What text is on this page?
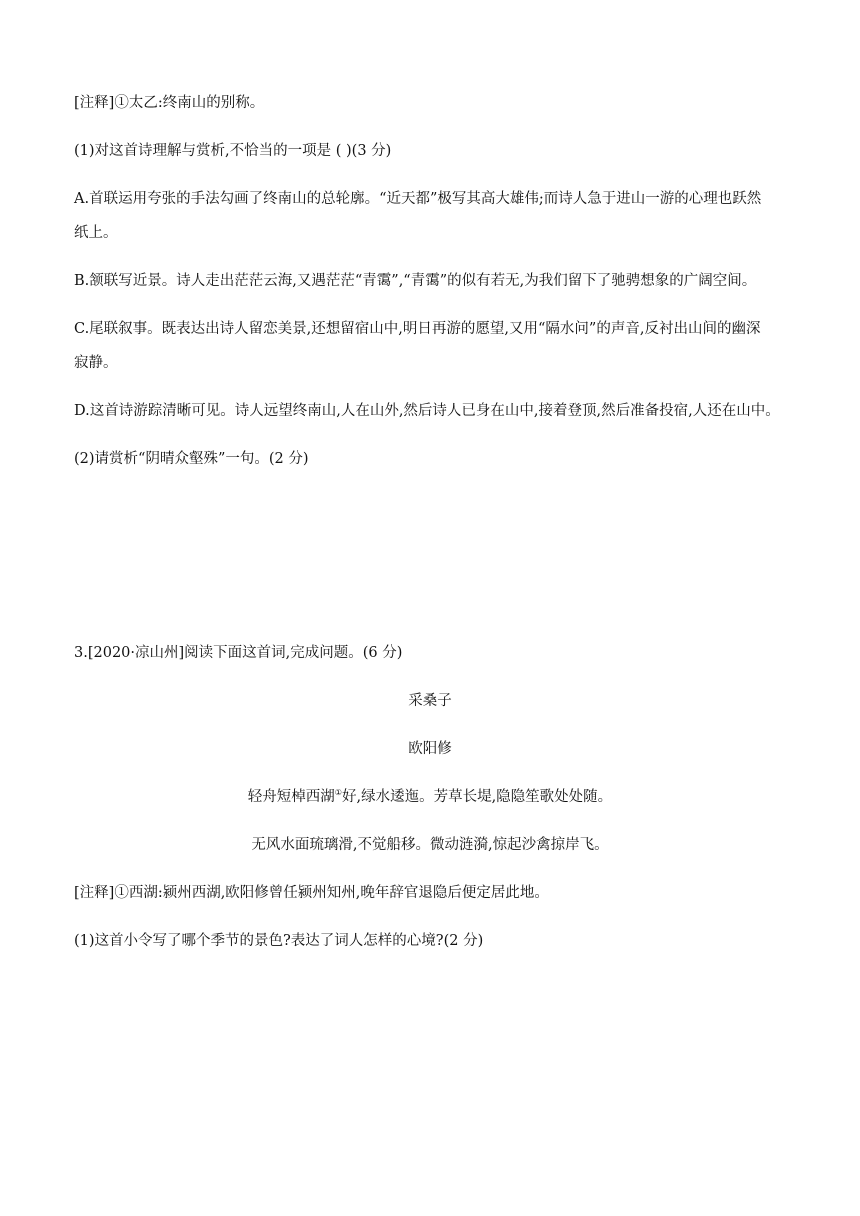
[注释]①太乙:终南山的别称。
(1)对这首诗理解与赏析,不恰当的一项是 ( )(3 分)
A.首联运用夸张的手法勾画了终南山的总轮廓。“近天都”极写其高大雄伟;而诗人急于进山一游的心理也跃然
纸上。
B.颔联写近景。诗人走出茫茫云海,又遇茫茫“青霭”,“青霭”的似有若无,为我们留下了驰骋想象的广阔空间。
C.尾联叙事。既表达出诗人留恋美景,还想留宿山中,明日再游的愿望,又用“隔水问”的声音,反衬出山间的幽深
寂静。
D.这首诗游踪清晰可见。诗人远望终南山,人在山外,然后诗人已身在山中,接着登顶,然后准备投宿,人还在山中。
(2)请赏析“阴晴众壑殊”一句。(2 分)
3.[2020·凉山州]阅读下面这首词,完成问题。(6 分)
采桑子
欧阳修
轻舟短棹西湖①好,绿水逶迤。芳草长堤,隐隐笙歌处处随。
无风水面琉璃滑,不觉船移。微动涟漪,惊起沙禽掠岸飞。
[注释]①西湖:颍州西湖,欧阳修曾任颍州知州,晚年辞官退隐后便定居此地。
(1)这首小令写了哪个季节的景色?表达了词人怎样的心境?(2 分)
